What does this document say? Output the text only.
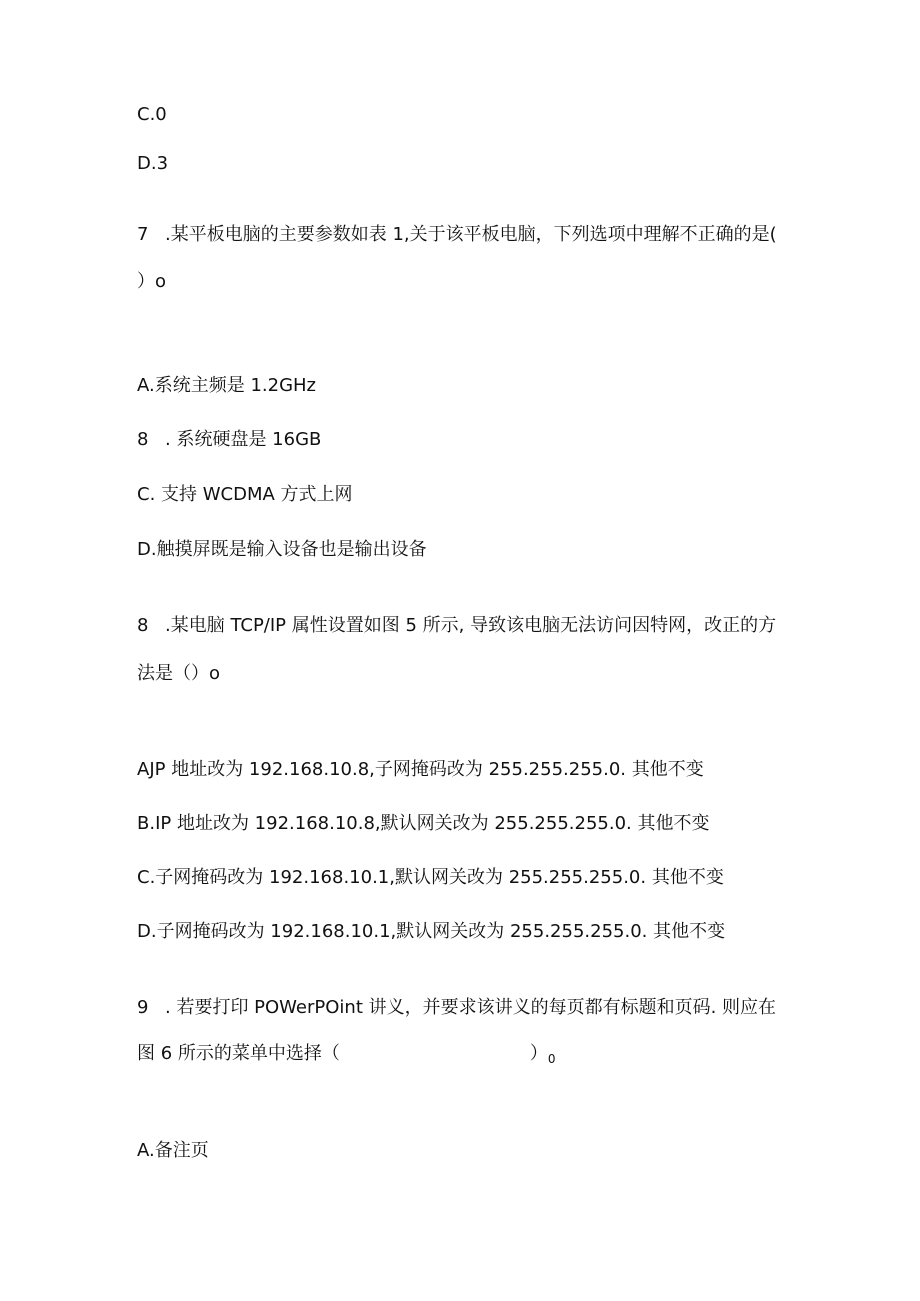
C.0

D.3

7 .某平板电脑的主要参数如表 1,关于该平板电脑，下列选项中理解不正确的是(

）o

A.系统主频是 1.2GHz

8 . 系统硬盘是 16GB

C. 支持 WCDMA 方式上网

D.触摸屏既是输入设备也是输出设备

8 .某电脑 TCP/IP 属性设置如图 5 所示, 导致该电脑无法访问因特网，改正的方

法是（）o

AJP 地址改为 192.168.10.8,子网掩码改为 255.255.255.0. 其他不变

B.IP 地址改为 192.168.10.8,默认网关改为 255.255.255.0. 其他不变

C.子网掩码改为 192.168.10.1,默认网关改为 255.255.255.0. 其他不变

D.子网掩码改为 192.168.10.1,默认网关改为 255.255.255.0. 其他不变

9 . 若要打印 POWerPOint 讲义，并要求该讲义的每页都有标题和页码. 则应在

图 6 所示的菜单中选择（	）$_0$

A.备注页
